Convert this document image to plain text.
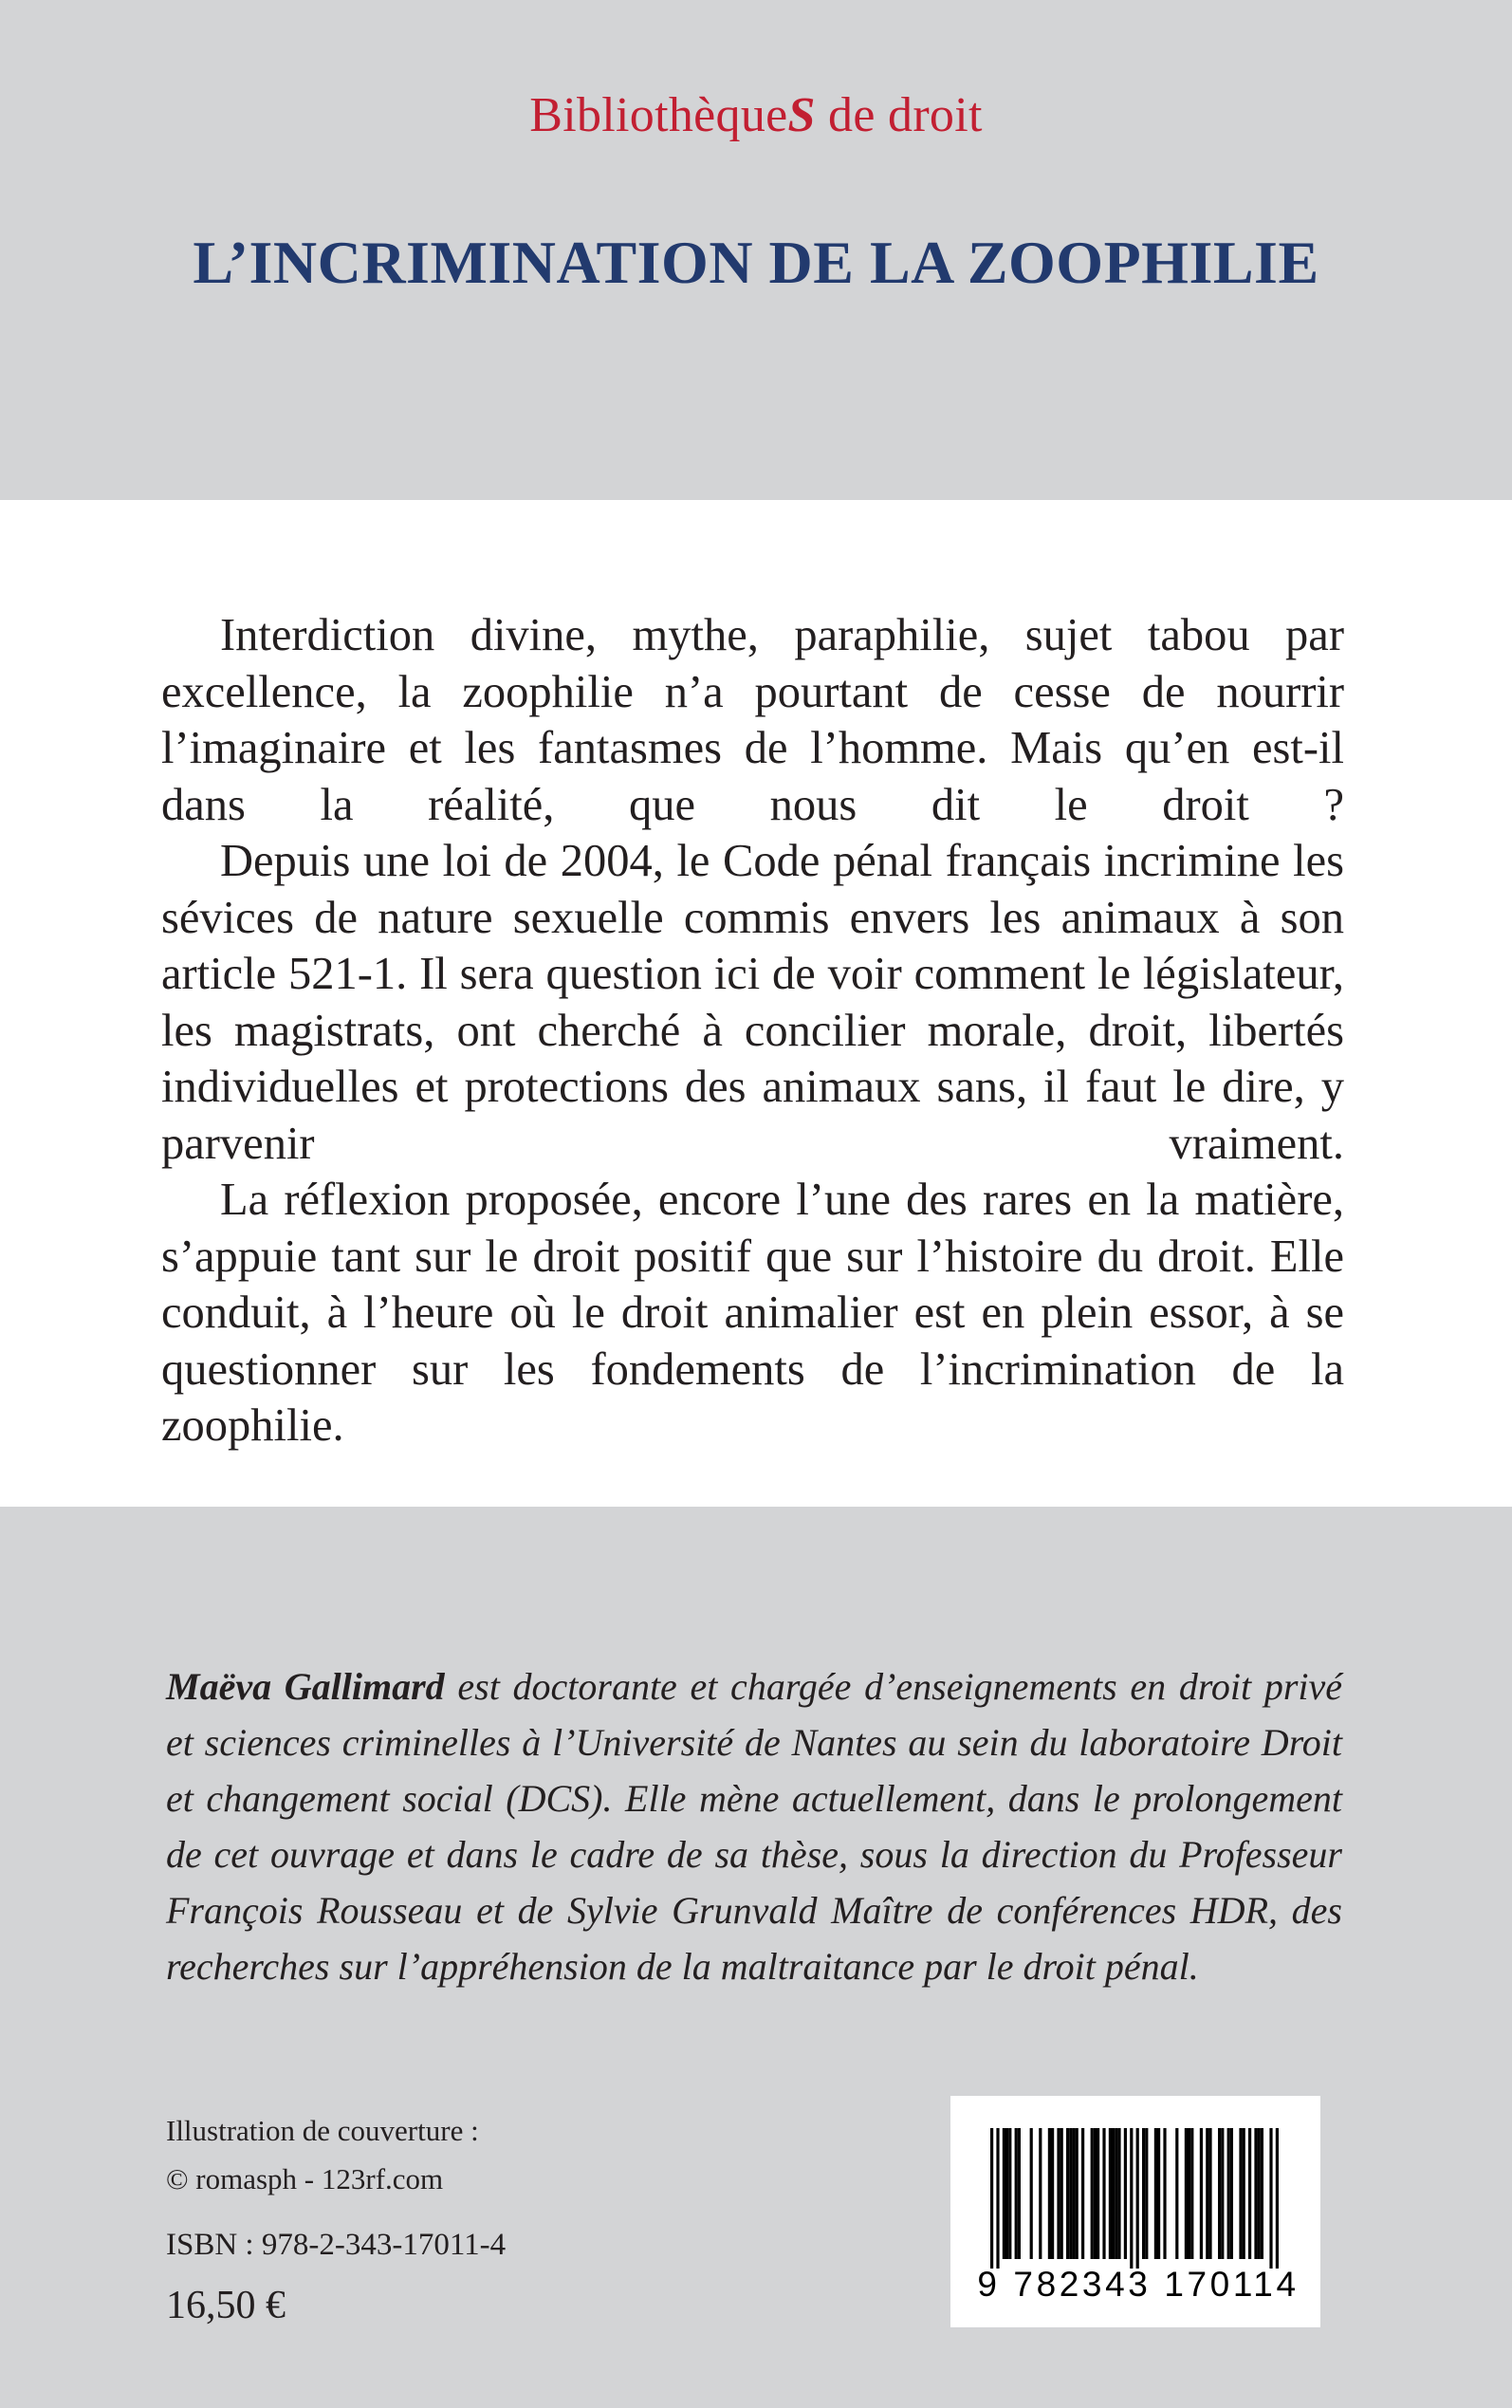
BibliothèqueS de droit
L’INCRIMINATION DE LA ZOOPHILIE

Interdiction divine, mythe, paraphilie, sujet tabou par excellence, la zoophilie n’a pourtant de cesse de nourrir l’imaginaire et les fantasmes de l’homme. Mais qu’en est-il dans la réalité, que nous dit le droit ?

Depuis une loi de 2004, le Code pénal français incrimine les sévices de nature sexuelle commis envers les animaux à son article 521-1. Il sera question ici de voir comment le législateur, les magistrats, ont cherché à concilier morale, droit, libertés individuelles et protections des animaux sans, il faut le dire, y parvenir vraiment.

La réflexion proposée, encore l’une des rares en la matière, s’appuie tant sur le droit positif que sur l’histoire du droit. Elle conduit, à l’heure où le droit animalier est en plein essor, à se questionner sur les fondements de l’incrimination de la zoophilie.

Maëva Gallimard est doctorante et chargée d’enseignements en droit privé et sciences criminelles à l’Université de Nantes au sein du laboratoire Droit et changement social (DCS). Elle mène actuellement, dans le prolongement de cet ouvrage et dans le cadre de sa thèse, sous la direction du Professeur François Rousseau et de Sylvie Grunvald Maître de conférences HDR, des recherches sur l’appréhension de la maltraitance par le droit pénal.
Illustration de couverture :
© romasph - 123rf.com
ISBN : 978-2-343-17011-4
16,50 €	9 782343 170114
